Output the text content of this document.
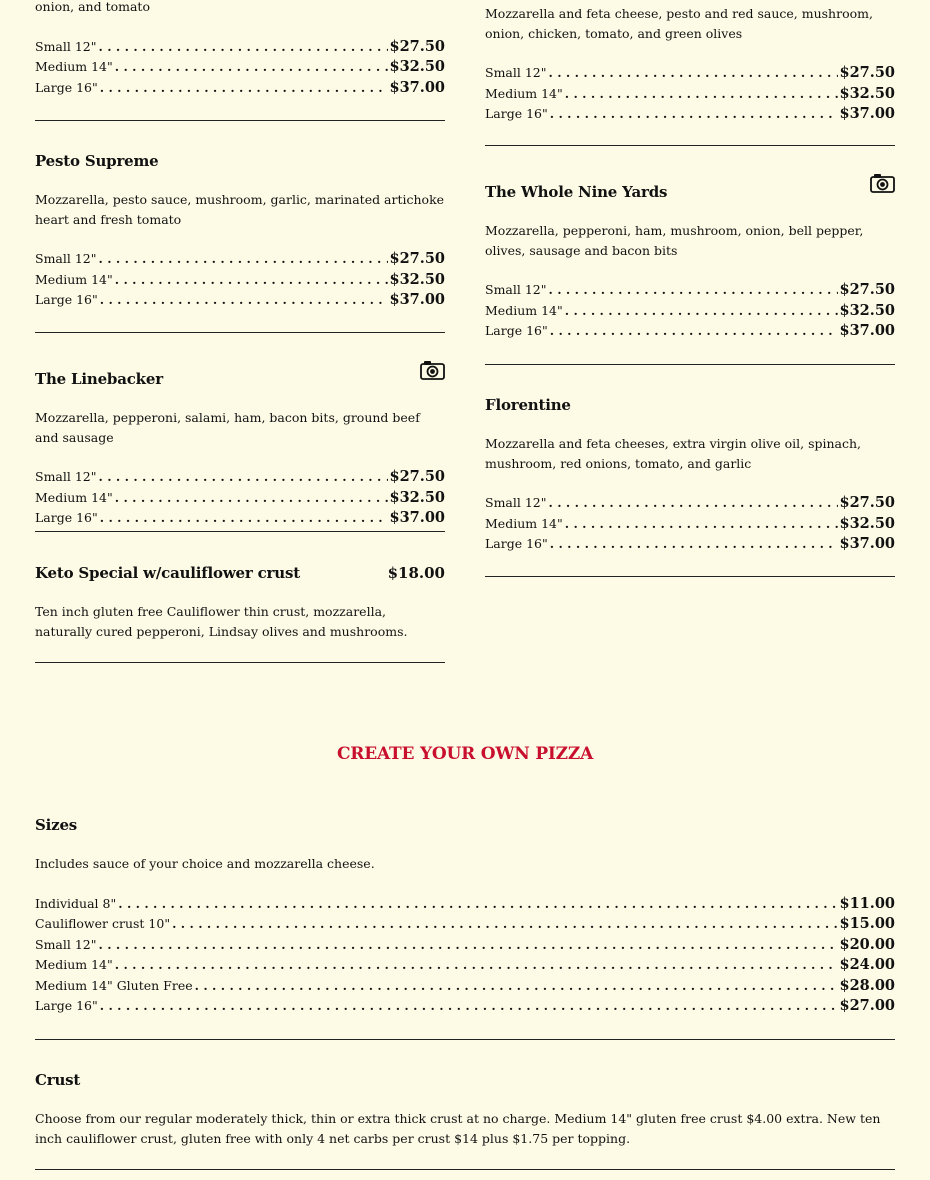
onion, and tomato

Small 12" . . .	$27.50
Medium 14" . . .	$32.50
Large 16" . . .	$37.00
Pesto Supreme

Mozzarella, pesto sauce, mushroom, garlic, marinated artichoke heart and fresh tomato

Small 12" . . .	$27.50
Medium 14" . . .	$32.50
Large 16" . . .	$37.00
The Linebacker

Mozzarella, pepperoni, salami, ham, bacon bits, ground beef and sausage

Small 12" . . .	$27.50
Medium 14" . . .	$32.50
Large 16" . . .	$37.00
Keto Special w/cauliflower crust	$18.00

Ten inch gluten free Cauliflower thin crust, mozzarella, naturally cured pepperoni, Lindsay olives and mushrooms.

Mozzarella and feta cheese, pesto and red sauce, mushroom, onion, chicken, tomato, and green olives

Small 12" . . .	$27.50
Medium 14" . . .	$32.50
Large 16" . . .	$37.00
The Whole Nine Yards

Mozzarella, pepperoni, ham, mushroom, onion, bell pepper, olives, sausage and bacon bits

Small 12" . . .	$27.50
Medium 14" . . .	$32.50
Large 16" . . .	$37.00
Florentine

Mozzarella and feta cheeses, extra virgin olive oil, spinach, mushroom, red onions, tomato, and garlic

Small 12" . . .	$27.50
Medium 14" . . .	$32.50
Large 16" . . .	$37.00
CREATE YOUR OWN PIZZA
Sizes

Includes sauce of your choice and mozzarella cheese.

Individual 8" . . .	$11.00
Cauliflower crust 10" . . .	$15.00
Small 12" . . .	$20.00
Medium 14" . . .	$24.00
Medium 14" Gluten Free . . .	$28.00
Large 16" . . .	$27.00
Crust

Choose from our regular moderately thick, thin or extra thick crust at no charge. Medium 14" gluten free crust $4.00 extra. New ten inch cauliflower crust, gluten free with only 4 net carbs per crust $14 plus $1.75 per topping.
